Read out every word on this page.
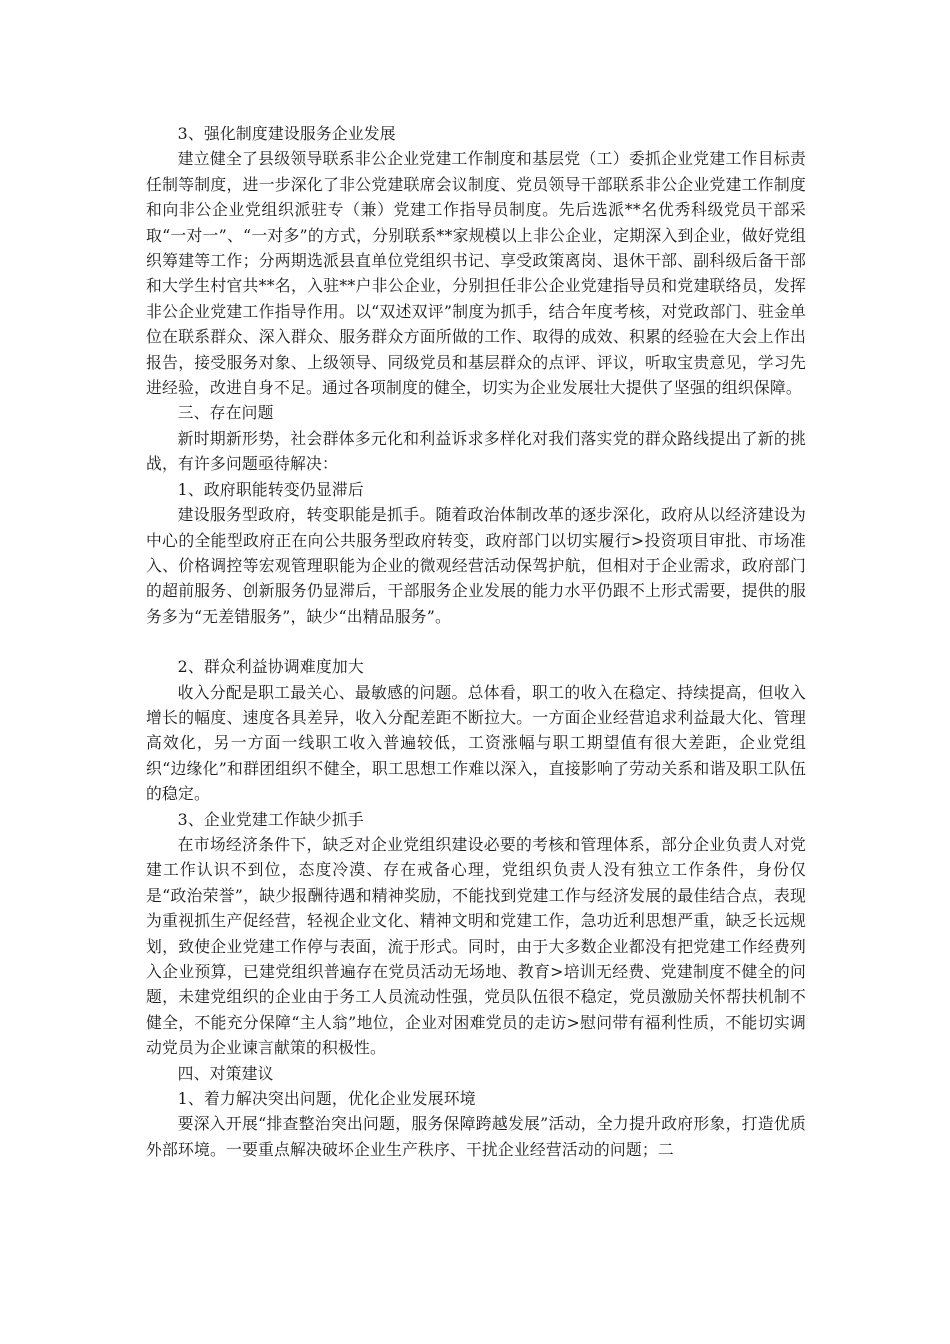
3、强化制度建设服务企业发展

建立健全了县级领导联系非公企业党建工作制度和基层党（工）委抓企业党建工作目标责任制等制度，进一步深化了非公党建联席会议制度、党员领导干部联系非公企业党建工作制度和向非公企业党组织派驻专（兼）党建工作指导员制度。先后选派**名优秀科级党员干部采取“一对一”、“一对多”的方式，分别联系**家规模以上非公企业，定期深入到企业，做好党组织筹建等工作；分两期选派县直单位党组织书记、享受政策离岗、退休干部、副科级后备干部和大学生村官共**名，入驻**户非公企业，分别担任非公企业党建指导员和党建联络员，发挥非公企业党建工作指导作用。以“双述双评”制度为抓手，结合年度考核，对党政部门、驻金单位在联系群众、深入群众、服务群众方面所做的工作、取得的成效、积累的经验在大会上作出报告，接受服务对象、上级领导、同级党员和基层群众的点评、评议，听取宝贵意见，学习先进经验，改进自身不足。通过各项制度的健全，切实为企业发展壮大提供了坚强的组织保障。

三、存在问题

新时期新形势，社会群体多元化和利益诉求多样化对我们落实党的群众路线提出了新的挑战，有许多问题亟待解决：

1、政府职能转变仍显滞后

建设服务型政府，转变职能是抓手。随着政治体制改革的逐步深化，政府从以经济建设为中心的全能型政府正在向公共服务型政府转变，政府部门以切实履行>投资项目审批、市场准入、价格调控等宏观管理职能为企业的微观经营活动保驾护航，但相对于企业需求，政府部门的超前服务、创新服务仍显滞后，干部服务企业发展的能力水平仍跟不上形式需要，提供的服务多为“无差错服务”，缺少“出精品服务”。

2、群众利益协调难度加大

收入分配是职工最关心、最敏感的问题。总体看，职工的收入在稳定、持续提高，但收入增长的幅度、速度各具差异，收入分配差距不断拉大。一方面企业经营追求利益最大化、管理高效化，另一方面一线职工收入普遍较低，工资涨幅与职工期望值有很大差距，企业党组织“边缘化”和群团组织不健全，职工思想工作难以深入，直接影响了劳动关系和谐及职工队伍的稳定。

3、企业党建工作缺少抓手

在市场经济条件下，缺乏对企业党组织建设必要的考核和管理体系，部分企业负责人对党建工作认识不到位，态度冷漠、存在戒备心理，党组织负责人没有独立工作条件，身份仅是“政治荣誉”，缺少报酬待遇和精神奖励，不能找到党建工作与经济发展的最佳结合点，表现为重视抓生产促经营，轻视企业文化、精神文明和党建工作，急功近利思想严重，缺乏长远规划，致使企业党建工作停与表面，流于形式。同时，由于大多数企业都没有把党建工作经费列入企业预算，已建党组织普遍存在党员活动无场地、教育>培训无经费、党建制度不健全的问题，未建党组织的企业由于务工人员流动性强，党员队伍很不稳定，党员激励关怀帮扶机制不健全，不能充分保障“主人翁”地位，企业对困难党员的走访>慰问带有福利性质，不能切实调动党员为企业谏言献策的积极性。

四、对策建议

1、着力解决突出问题，优化企业发展环境

要深入开展“排查整治突出问题，服务保障跨越发展”活动，全力提升政府形象，打造优质外部环境。一要重点解决破坏企业生产秩序、干扰企业经营活动的问题；二
